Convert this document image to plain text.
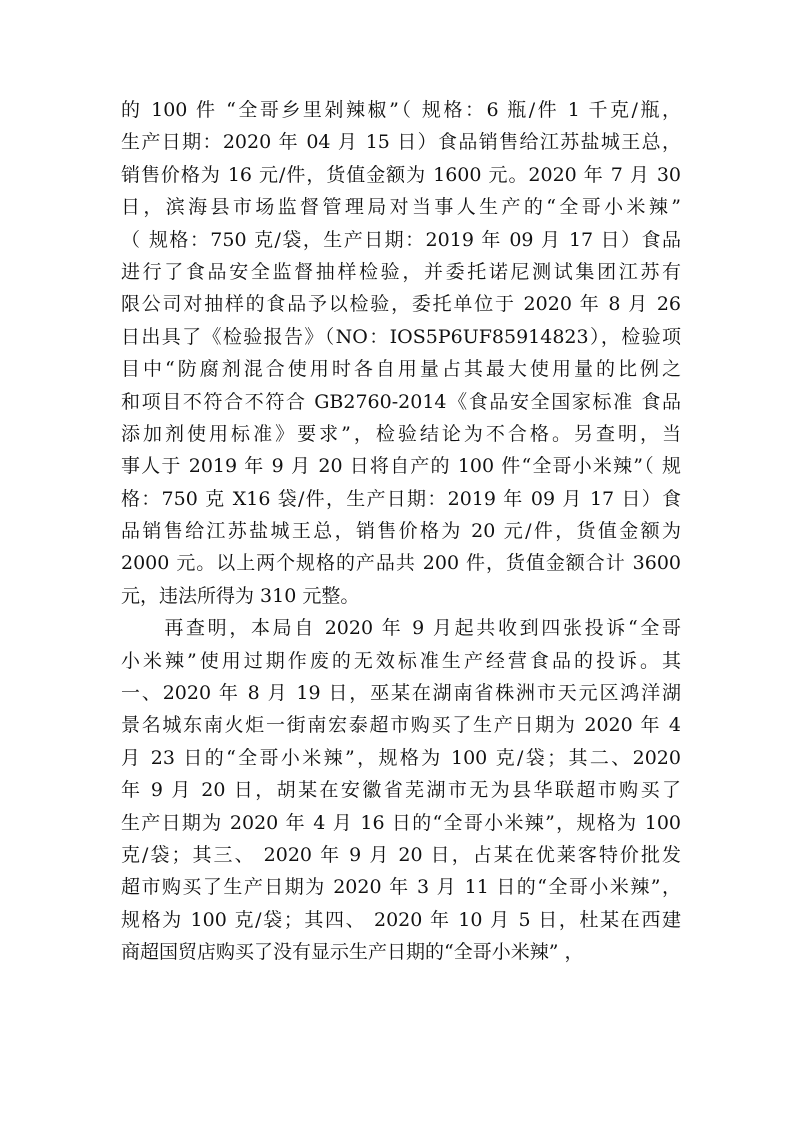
的 100 件 “全哥乡里剁辣椒”（ 规格：6 瓶/件 1 千克/瓶，
生产日期：2020 年 04 月 15 日）食品销售给江苏盐城王总，
销售价格为 16 元/件，货值金额为 1600 元。2020 年 7 月 30
日，滨海县市场监督管理局对当事人生产的“全哥小米辣”
（ 规格：750 克/袋，生产日期：2019 年 09 月 17 日）食品
进行了食品安全监督抽样检验，并委托诺尼测试集团江苏有
限公司对抽样的食品予以检验，委托单位于 2020 年 8 月 26
日出具了《检验报告》（NO：IOS5P6UF85914823），检验项
目中“防腐剂混合使用时各自用量占其最大使用量的比例之
和项目不符合不符合 GB2760-2014《食品安全国家标准 食品
添加剂使用标准》要求”，检验结论为不合格。另查明，当
事人于 2019 年 9 月 20 日将自产的 100 件“全哥小米辣”（ 规
格：750 克 X16 袋/件，生产日期：2019 年 09 月 17 日）食
品销售给江苏盐城王总，销售价格为 20 元/件，货值金额为
2000 元。以上两个规格的产品共 200 件，货值金额合计 3600
元，违法所得为 310 元整。
　　再查明，本局自 2020 年 9 月起共收到四张投诉“全哥
小米辣”使用过期作废的无效标准生产经营食品的投诉。其
一、2020 年 8 月 19 日，巫某在湖南省株洲市天元区鸿洋湖
景名城东南火炬一街南宏泰超市购买了生产日期为 2020 年 4
月 23 日的“全哥小米辣”，规格为 100 克/袋；其二、2020
年 9 月 20 日，胡某在安徽省芜湖市无为县华联超市购买了
生产日期为 2020 年 4 月 16 日的“全哥小米辣”，规格为 100
克/袋；其三、 2020 年 9 月 20 日，占某在优莱客特价批发
超市购买了生产日期为 2020 年 3 月 11 日的“全哥小米辣”，
规格为 100 克/袋；其四、 2020 年 10 月 5 日，杜某在西建
商超国贸店购买了没有显示生产日期的“全哥小米辣” ，
